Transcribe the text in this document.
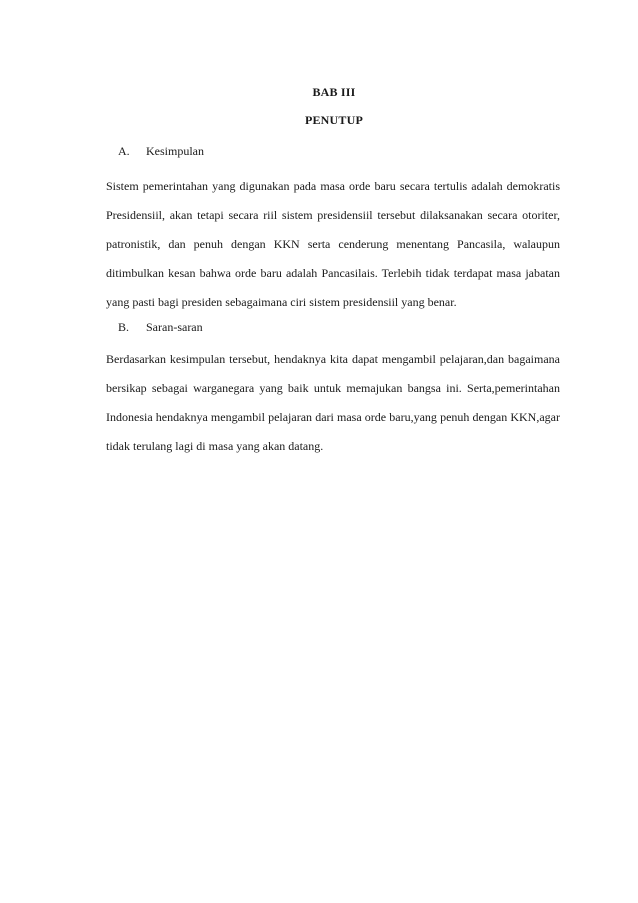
BAB III
PENUTUP
A.	Kesimpulan

Sistem pemerintahan yang digunakan pada masa orde baru secara tertulis adalah demokratis Presidensiil, akan tetapi secara riil sistem presidensiil tersebut dilaksanakan secara otoriter, patronistik, dan penuh dengan KKN serta cenderung menentang Pancasila, walaupun ditimbulkan kesan bahwa orde baru adalah Pancasilais. Terlebih tidak terdapat masa jabatan yang pasti bagi presiden sebagaimana ciri sistem presidensiil yang benar.

B.	Saran-saran

Berdasarkan kesimpulan tersebut, hendaknya kita dapat mengambil pelajaran,dan bagaimana bersikap sebagai warganegara yang baik untuk memajukan bangsa ini. Serta,pemerintahan Indonesia hendaknya mengambil pelajaran dari masa orde baru,yang penuh dengan KKN,agar tidak terulang lagi di masa yang akan datang.
